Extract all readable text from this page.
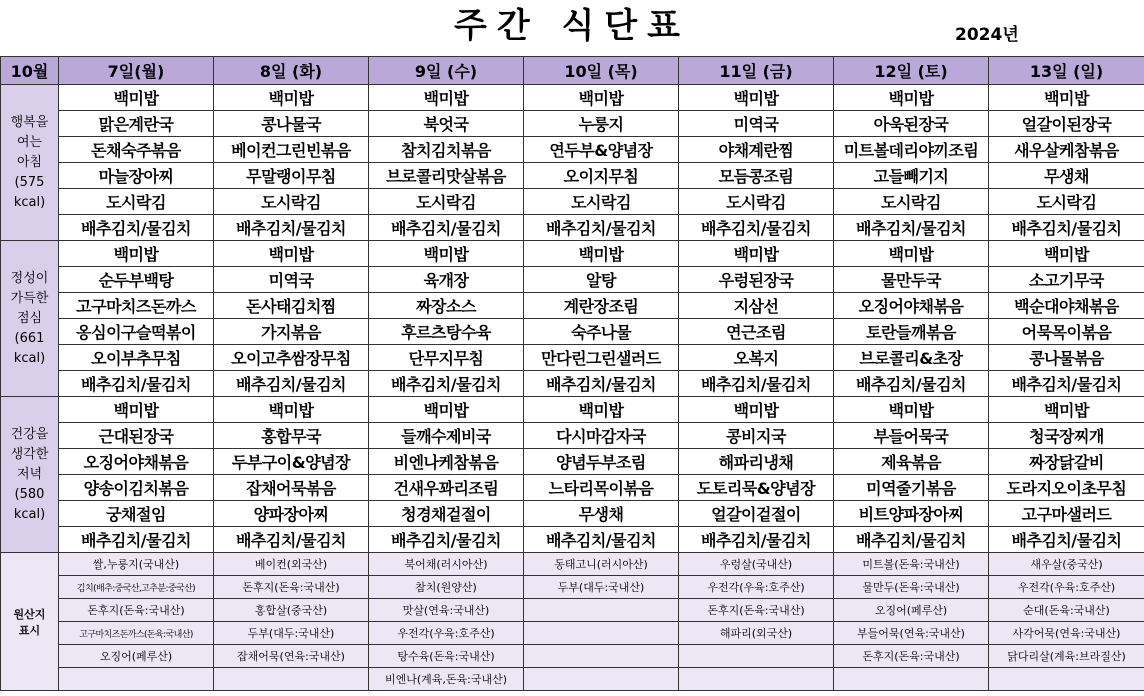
주간 식단표	2024년
10월	7일(월)	8일 (화)	9일 (수)	10일 (목)	11일 (금)	12일 (토)	13일 (일)

행복을
여는
아침
(575
kcal)	백미밥	백미밥	백미밥	백미밥	백미밥	백미밥	백미밥
	맑은계란국	콩나물국	북엇국	누룽지	미역국	아욱된장국	얼갈이된장국
	돈채숙주볶음	베이컨그린빈볶음	참치김치볶음	연두부&양념장	야채계란찜	미트볼데리야끼조림	새우살케참볶음
	마늘장아찌	무말랭이무침	브로콜리맛살볶음	오이지무침	모듬콩조림	고들빼기지	무생채
	도시락김	도시락김	도시락김	도시락김	도시락김	도시락김	도시락김
	배추김치/물김치	배추김치/물김치	배추김치/물김치	배추김치/물김치	배추김치/물김치	배추김치/물김치	배추김치/물김치

정성이
가득한
점심
(661
kcal)	백미밥	백미밥	백미밥	백미밥	백미밥	백미밥	백미밥
	순두부백탕	미역국	육개장	알탕	우렁된장국	물만두국	소고기무국
	고구마치즈돈까스	돈사태김치찜	짜장소스	계란장조림	지삼선	오징어야채볶음	백순대야채볶음
	옹심이구슬떡볶이	가지볶음	후르츠탕수육	숙주나물	연근조림	토란들깨볶음	어묵목이볶음
	오이부추무침	오이고추쌈장무침	단무지무침	만다린그린샐러드	오복지	브로콜리&초장	콩나물볶음
	배추김치/물김치	배추김치/물김치	배추김치/물김치	배추김치/물김치	배추김치/물김치	배추김치/물김치	배추김치/물김치

건강을
생각한
저녁
(580
kcal)	백미밥	백미밥	백미밥	백미밥	백미밥	백미밥	백미밥
	근대된장국	홍합무국	들깨수제비국	다시마감자국	콩비지국	부들어묵국	청국장찌개
	오징어야채볶음	두부구이&양념장	비엔나케참볶음	양념두부조림	해파리냉채	제육볶음	짜장닭갈비
	양송이김치볶음	잡채어묵볶음	건새우꽈리조림	느타리목이볶음	도토리묵&양념장	미역줄기볶음	도라지오이초무침
	궁채절임	양파장아찌	청경채겉절이	무생채	얼갈이겉절이	비트양파장아찌	고구마샐러드
	배추김치/물김치	배추김치/물김치	배추김치/물김치	배추김치/물김치	배추김치/물김치	배추김치/물김치	배추김치/물김치

원산지
표시	쌀,누룽지(국내산)	베이컨(외국산)	북어채(러시아산)	동태고니(러시아산)	우렁살(국내산)	미트볼(돈육:국내산)	새우살(중국산)
	김치(배추:중국산,고추분:중국산)	돈후지(돈육:국내산)	참치(원양산)	두부(대두:국내산)	우전각(우육:호주산)	물만두(돈육:국내산)	우전각(우육:호주산)
	돈후지(돈육:국내산)	홍합살(중국산)	맛살(연육:국내산)		돈후지(돈육:국내산)	오징어(페루산)	순대(돈육:국내산)
	고구마치즈돈까스(돈육:국내산)	두부(대두:국내산)	우전각(우육:호주산)		해파리(외국산)	부들어묵(연육:국내산)	사각어묵(연육:국내산)
	오징어(페루산)	잡채어묵(연육:국내산)	탕수육(돈육:국내산)			돈후지(돈육:국내산)	닭다리살(계육:브라질산)
			비엔나(계육,돈육:국내산)				
